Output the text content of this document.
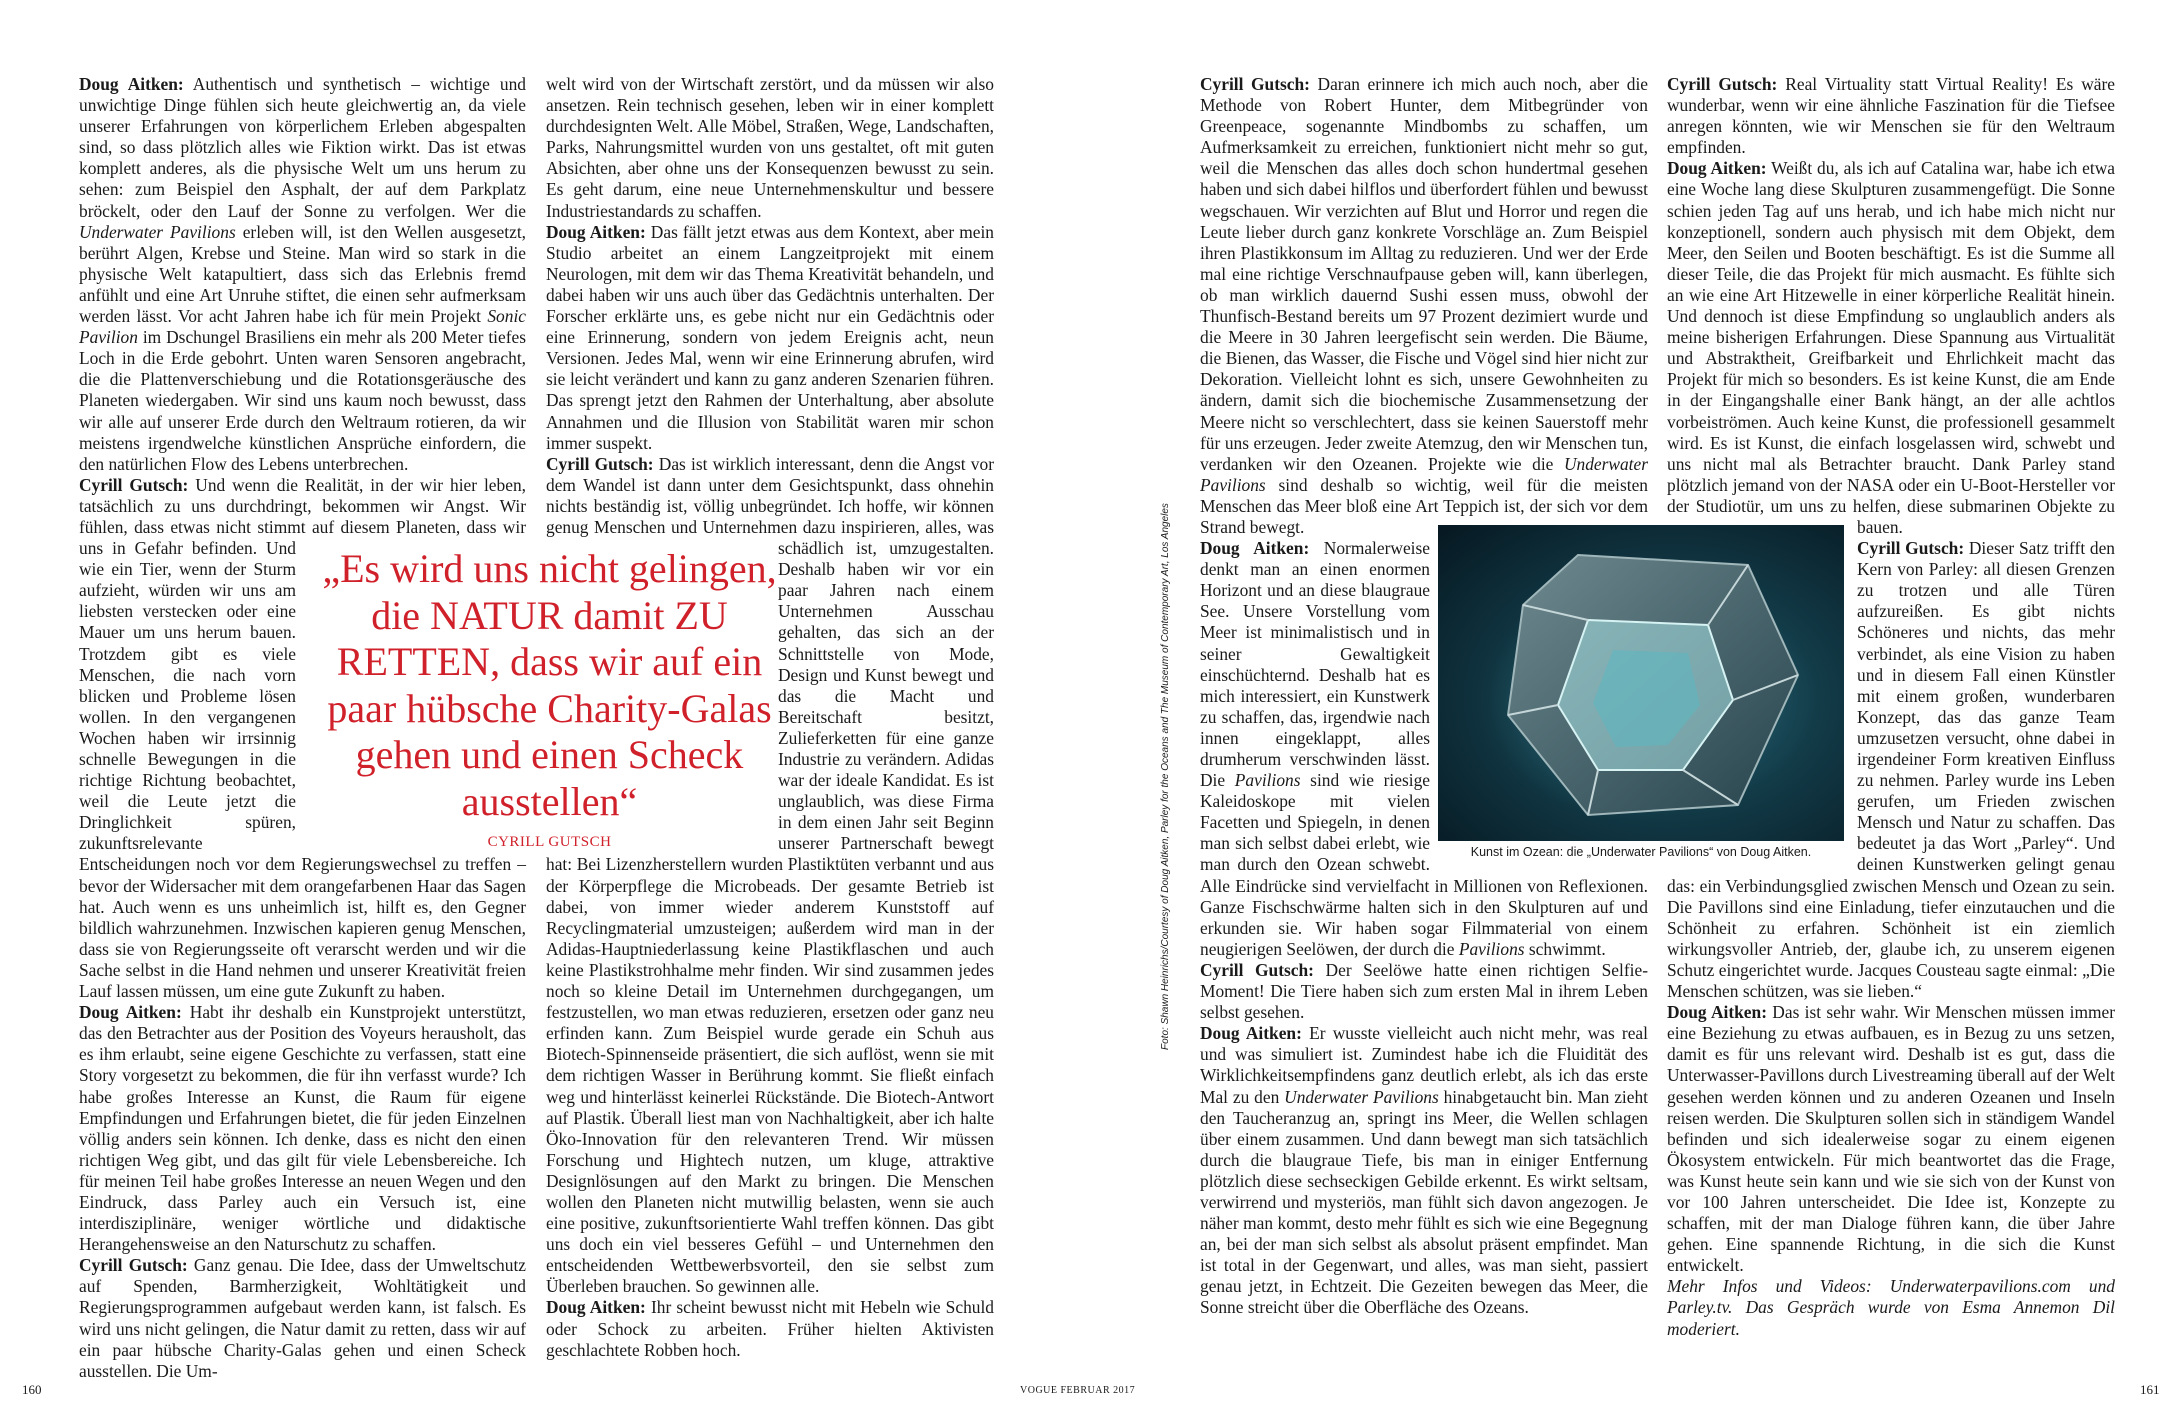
Doug Aitken: Authentisch und synthetisch – wichtige und unwichtige Dinge fühlen sich heute gleichwertig an, da viele unserer Erfahrungen von körperlichem Erleben abgespalten sind, so dass plötzlich alles wie Fiktion wirkt. Das ist etwas komplett anderes, als die physische Welt um uns herum zu sehen: zum Beispiel den Asphalt, der auf dem Parkplatz bröckelt, oder den Lauf der Sonne zu verfolgen. Wer die Underwater Pavilions erleben will, ist den Wellen ausgesetzt, berührt Algen, Krebse und Steine. Man wird so stark in die physische Welt katapultiert, dass sich das Erlebnis fremd anfühlt und eine Art Unruhe stiftet, die einen sehr aufmerksam werden lässt. Vor acht Jahren habe ich für mein Projekt Sonic Pavilion im Dschungel Brasiliens ein mehr als 200 Meter tiefes Loch in die Erde gebohrt. Unten waren Sensoren angebracht, die die Plattenverschiebung und die Rotationsgeräusche des Planeten wiedergaben. Wir sind uns kaum noch bewusst, dass wir alle auf unserer Erde durch den Weltraum rotieren, da wir meistens irgendwelche künstlichen Ansprüche einfordern, die den natürlichen Flow des Lebens unterbrechen.

Cyrill Gutsch: Und wenn die Realität, in der wir hier leben, tatsächlich zu uns durchdringt, bekommen wir Angst. Wir fühlen, dass etwas nicht stimmt auf diesem Planeten, dass wir uns in Gefahr befinden. Und wie ein Tier, wenn der Sturm aufzieht, würden wir uns am liebsten verstecken oder eine Mauer um uns herum bauen. Trotzdem gibt es viele Menschen, die nach vorn blicken und Probleme lösen wollen. In den vergangenen Wochen haben wir irrsinnig schnelle Bewegungen in die richtige Richtung beobachtet, weil die Leute jetzt die Dringlichkeit spüren, zukunftsrelevante Entscheidungen noch vor dem Regierungswechsel zu treffen – bevor der Widersacher mit dem orangefarbenen Haar das Sagen hat. Auch wenn es uns unheimlich ist, hilft es, den Gegner bildlich wahrzunehmen. Inzwischen kapieren genug Menschen, dass sie von Regierungsseite oft verarscht werden und wir die Sache selbst in die Hand nehmen und unserer Kreativität freien Lauf lassen müssen, um eine gute Zukunft zu haben.

Doug Aitken: Habt ihr deshalb ein Kunstprojekt unterstützt, das den Betrachter aus der Position des Voyeurs herausholt, das es ihm erlaubt, seine eigene Geschichte zu verfassen, statt eine Story vorgesetzt zu bekommen, die für ihn verfasst wurde? Ich habe großes Interesse an Kunst, die Raum für eigene Empfindungen und Erfahrungen bietet, die für jeden Einzelnen völlig anders sein können. Ich denke, dass es nicht den einen richtigen Weg gibt, und das gilt für viele Lebensbereiche. Ich für meinen Teil habe großes Interesse an neuen Wegen und den Eindruck, dass Parley auch ein Versuch ist, eine interdisziplinäre, weniger wörtliche und didaktische Herangehensweise an den Naturschutz zu schaffen.

Cyrill Gutsch: Ganz genau. Die Idee, dass der Umweltschutz auf Spenden, Barmherzigkeit, Wohltätigkeit und Regierungsprogrammen aufgebaut werden kann, ist falsch. Es wird uns nicht gelingen, die Natur damit zu retten, dass wir auf ein paar hübsche Charity-Galas gehen und einen Scheck ausstellen. Die Um-

welt wird von der Wirtschaft zerstört, und da müssen wir also ansetzen. Rein technisch gesehen, leben wir in einer komplett durchdesignten Welt. Alle Möbel, Straßen, Wege, Landschaften, Parks, Nahrungsmittel wurden von uns gestaltet, oft mit guten Absichten, aber ohne uns der Konsequenzen bewusst zu sein. Es geht darum, eine neue Unternehmenskultur und bessere Industriestandards zu schaffen.

Doug Aitken: Das fällt jetzt etwas aus dem Kontext, aber mein Studio arbeitet an einem Langzeitprojekt mit einem Neurologen, mit dem wir das Thema Kreativität behandeln, und dabei haben wir uns auch über das Gedächtnis unterhalten. Der Forscher erklärte uns, es gebe nicht nur ein Gedächtnis oder eine Erinnerung, sondern von jedem Ereignis acht, neun Versionen. Jedes Mal, wenn wir eine Erinnerung abrufen, wird sie leicht verändert und kann zu ganz anderen Szenarien führen. Das sprengt jetzt den Rahmen der Unterhaltung, aber absolute Annahmen und die Illusion von Stabilität waren mir schon immer suspekt.

Cyrill Gutsch: Das ist wirklich interessant, denn die Angst vor dem Wandel ist dann unter dem Gesichtspunkt, dass ohnehin nichts beständig ist, völlig unbegründet. Ich hoffe, wir können genug Menschen und Unternehmen dazu inspirieren, alles, was schädlich ist, umzugestalten. Deshalb haben wir vor ein paar Jahren nach einem Unternehmen Ausschau gehalten, das sich an der Schnittstelle von Mode, Design und Kunst bewegt und das die Macht und Bereitschaft besitzt, Zulieferketten für eine ganze Industrie zu verändern. Adidas war der ideale Kandidat. Es ist unglaublich, was diese Firma in dem einen Jahr seit Beginn unserer Partnerschaft bewegt hat: Bei Lizenzherstellern wurden Plastiktüten verbannt und aus der Körperpflege die Microbeads. Der gesamte Betrieb ist dabei, von immer wieder anderem Kunststoff auf Recyclingmaterial umzusteigen; außerdem wird man in der Adidas-Hauptniederlassung keine Plastikflaschen und auch keine Plastikstrohhalme mehr finden. Wir sind zusammen jedes noch so kleine Detail im Unternehmen durchgegangen, um festzustellen, wo man etwas reduzieren, ersetzen oder ganz neu erfinden kann. Zum Beispiel wurde gerade ein Schuh aus Biotech-Spinnenseide präsentiert, die sich auflöst, wenn sie mit dem richtigen Wasser in Berührung kommt. Sie fließt einfach weg und hinterlässt keinerlei Rückstände. Die Biotech-Antwort auf Plastik. Überall liest man von Nachhaltigkeit, aber ich halte Öko-Innovation für den relevanteren Trend. Wir müssen Forschung und Hightech nutzen, um kluge, attraktive Designlösungen auf den Markt zu bringen. Die Menschen wollen den Planeten nicht mutwillig belasten, wenn sie auch eine positive, zukunftsorientierte Wahl treffen können. Das gibt uns doch ein viel besseres Gefühl – und Unternehmen den entscheidenden Wettbewerbsvorteil, den sie selbst zum Überleben brauchen. So gewinnen alle.

Doug Aitken: Ihr scheint bewusst nicht mit Hebeln wie Schuld oder Schock zu arbeiten. Früher hielten Aktivisten geschlachtete Robben hoch.

„Es wird uns nicht gelingen, die NATUR damit ZU RETTEN, dass wir auf ein paar hübsche Charity-Galas gehen und einen Scheck ausstellen“
CYRILL GUTSCH
160	VOGUE FEBRUAR 2017
Foto: Shawn Heinrichs/Courtesy of Doug Aitken, Parley for the Oceans and The Museum of Contemporary Art, Los Angeles

Cyrill Gutsch: Daran erinnere ich mich auch noch, aber die Methode von Robert Hunter, dem Mitbegründer von Greenpeace, sogenannte Mindbombs zu schaffen, um Aufmerksamkeit zu erreichen, funktioniert nicht mehr so gut, weil die Menschen das alles doch schon hundertmal gesehen haben und sich dabei hilflos und überfordert fühlen und bewusst wegschauen. Wir verzichten auf Blut und Horror und regen die Leute lieber durch ganz konkrete Vorschläge an. Zum Beispiel ihren Plastikkonsum im Alltag zu reduzieren. Und wer der Erde mal eine richtige Verschnaufpause geben will, kann überlegen, ob man wirklich dauernd Sushi essen muss, obwohl der Thunfisch-Bestand bereits um 97 Prozent dezimiert wurde und die Meere in 30 Jahren leergefischt sein werden. Die Bäume, die Bienen, das Wasser, die Fische und Vögel sind hier nicht zur Dekoration. Vielleicht lohnt es sich, unsere Gewohnheiten zu ändern, damit sich die biochemische Zusammensetzung der Meere nicht so verschlechtert, dass sie keinen Sauerstoff mehr für uns erzeugen. Jeder zweite Atemzug, den wir Menschen tun, verdanken wir den Ozeanen. Projekte wie die Underwater Pavilions sind deshalb so wichtig, weil für die meisten Menschen das Meer bloß eine Art Teppich ist, der sich vor dem Strand bewegt.

Doug Aitken: Normalerweise denkt man an einen enormen Horizont und an diese blaugraue See. Unsere Vorstellung vom Meer ist minimalistisch und in seiner Gewaltigkeit einschüchternd. Deshalb hat es mich interessiert, ein Kunstwerk zu schaffen, das, irgendwie nach innen eingeklappt, alles drumherum verschwinden lässt. Die Pavilions sind wie riesige Kaleidoskope mit vielen Facetten und Spiegeln, in denen man sich selbst dabei erlebt, wie man durch den Ozean schwebt. Alle Eindrücke sind vervielfacht in Millionen von Reflexionen. Ganze Fischschwärme halten sich in den Skulpturen auf und erkunden sie. Wir haben sogar Filmmaterial von einem neugierigen Seelöwen, der durch die Pavilions schwimmt.

Cyrill Gutsch: Der Seelöwe hatte einen richtigen Selfie-Moment! Die Tiere haben sich zum ersten Mal in ihrem Leben selbst gesehen.

Doug Aitken: Er wusste vielleicht auch nicht mehr, was real und was simuliert ist. Zumindest habe ich die Fluidität des Wirklichkeitsempfindens ganz deutlich erlebt, als ich das erste Mal zu den Underwater Pavilions hinabgetaucht bin. Man zieht den Taucheranzug an, springt ins Meer, die Wellen schlagen über einem zusammen. Und dann bewegt man sich tatsächlich durch die blaugraue Tiefe, bis man in einiger Entfernung plötzlich diese sechseckigen Gebilde erkennt. Es wirkt seltsam, verwirrend und mysteriös, man fühlt sich davon angezogen. Je näher man kommt, desto mehr fühlt es sich wie eine Begegnung an, bei der man sich selbst als absolut präsent empfindet. Man ist total in der Gegenwart, und alles, was man sieht, passiert genau jetzt, in Echtzeit. Die Gezeiten bewegen das Meer, die Sonne streicht über die Oberfläche des Ozeans.

Cyrill Gutsch: Real Virtuality statt Virtual Reality! Es wäre wunderbar, wenn wir eine ähnliche Faszination für die Tiefsee anregen könnten, wie wir Menschen sie für den Weltraum empfinden.

Doug Aitken: Weißt du, als ich auf Catalina war, habe ich etwa eine Woche lang diese Skulpturen zusammengefügt. Die Sonne schien jeden Tag auf uns herab, und ich habe mich nicht nur konzeptionell, sondern auch physisch mit dem Objekt, dem Meer, den Seilen und Booten beschäftigt. Es ist die Summe all dieser Teile, die das Projekt für mich ausmacht. Es fühlte sich an wie eine Art Hitzewelle in einer körperliche Realität hinein. Und dennoch ist diese Empfindung so unglaublich anders als meine bisherigen Erfahrungen. Diese Spannung aus Virtualität und Abstraktheit, Greifbarkeit und Ehrlichkeit macht das Projekt für mich so besonders. Es ist keine Kunst, die am Ende in der Eingangshalle einer Bank hängt, an der alle achtlos vorbeiströmen. Auch keine Kunst, die professionell gesammelt wird. Es ist Kunst, die einfach losgelassen wird, schwebt und uns nicht mal als Betrachter braucht. Dank Parley stand plötzlich jemand von der NASA oder ein U-Boot-Hersteller vor der Studiotür, um uns zu helfen, diese submarinen Objekte zu bauen.

Cyrill Gutsch: Dieser Satz trifft den Kern von Parley: all diesen Grenzen zu trotzen und alle Türen aufzureißen. Es gibt nichts Schöneres und nichts, das mehr verbindet, als eine Vision zu haben und in diesem Fall einen Künstler mit einem großen, wunderbaren Konzept, das das ganze Team umzusetzen versucht, ohne dabei in irgendeiner Form kreativen Einfluss zu nehmen. Parley wurde ins Leben gerufen, um Frieden zwischen Mensch und Natur zu schaffen. Das bedeutet ja das Wort „Parley“. Und deinen Kunstwerken gelingt genau das: ein Verbindungsglied zwischen Mensch und Ozean zu sein. Die Pavillons sind eine Einladung, tiefer einzutauchen und die Schönheit zu erfahren. Schönheit ist ein ziemlich wirkungsvoller Antrieb, der, glaube ich, zu unserem eigenen Schutz eingerichtet wurde. Jacques Cousteau sagte einmal: „Die Menschen schützen, was sie lieben.“

Doug Aitken: Das ist sehr wahr. Wir Menschen müssen immer eine Beziehung zu etwas aufbauen, es in Bezug zu uns setzen, damit es für uns relevant wird. Deshalb ist es gut, dass die Unterwasser-Pavillons durch Livestreaming überall auf der Welt gesehen werden können und zu anderen Ozeanen und Inseln reisen werden. Die Skulpturen sollen sich in ständigem Wandel befinden und sich idealerweise sogar zu einem eigenen Ökosystem entwickeln. Für mich beantwortet das die Frage, was Kunst heute sein kann und wie sie sich von der Kunst von vor 100 Jahren unterscheidet. Die Idee ist, Konzepte zu schaffen, mit der man Dialoge führen kann, die über Jahre gehen. Eine spannende Richtung, in die sich die Kunst entwickelt.

Mehr Infos und Videos: Underwaterpavilions.com und Parley.tv. Das Gespräch wurde von Esma Annemon Dil moderiert.

Kunst im Ozean: die „Underwater Pavilions“ von Doug Aitken.
161
